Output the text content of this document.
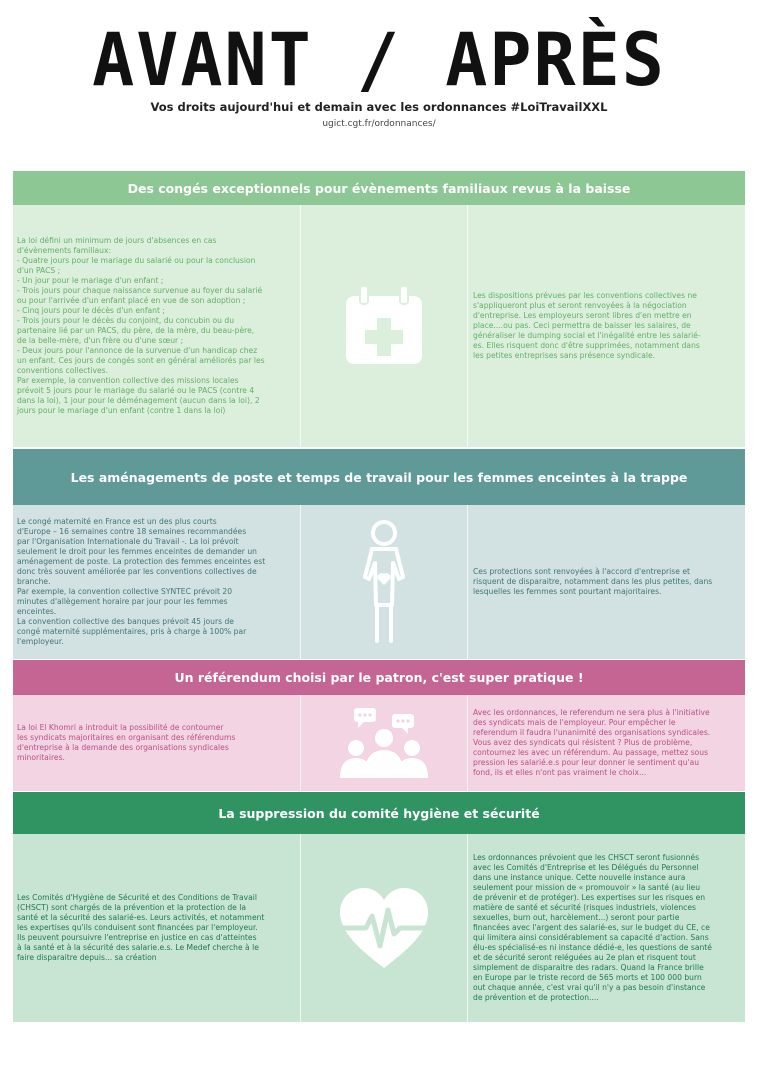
AVANT / APRÈS
Vos droits aujourd'hui et demain avec les ordonnances #LoiTravailXXL
ugict.cgt.fr/ordonnances/
Des congés exceptionnels pour évènements familiaux revus à la baisse

La loi défini un minimum de jours d'absences en cas
d'évènements familiaux:
- Quatre jours pour le mariage du salarié ou pour la conclusion
d'un PACS ;
- Un jour pour le mariage d'un enfant ;
- Trois jours pour chaque naissance survenue au foyer du salarié
ou pour l'arrivée d'un enfant placé en vue de son adoption ;
- Cinq jours pour le décès d'un enfant ;
- Trois jours pour le décès du conjoint, du concubin ou du
partenaire lié par un PACS, du père, de la mère, du beau-père,
de la belle-mère, d'un frère ou d'une sœur ;
- Deux jours pour l'annonce de la survenue d'un handicap chez
un enfant. Ces jours de congés sont en général améliorés par les
conventions collectives.
Par exemple, la convention collective des missions locales
prévoit 5 jours pour le mariage du salarié ou le PACS (contre 4
dans la loi), 1 jour pour le déménagement (aucun dans la loi), 2
jours pour le mariage d'un enfant (contre 1 dans la loi)

Les dispositions prévues par les conventions collectives ne
s'appliqueront plus et seront renvoyées à la négociation
d'entreprise. Les employeurs seront libres d'en mettre en
place....ou pas. Ceci permettra de baisser les salaires, de
généraliser le dumping social et l'inégalité entre les salarié-
es. Elles risquent donc d'être supprimées, notamment dans
les petites entreprises sans présence syndicale.

Les aménagements de poste et temps de travail pour les femmes enceintes à la trappe

Le congé maternité en France est un des plus courts
d'Europe – 16 semaines contre 18 semaines recommandées
par l'Organisation Internationale du Travail -. La loi prévoit
seulement le droit pour les femmes enceintes de demander un
aménagement de poste. La protection des femmes enceintes est
donc très souvent améliorée par les conventions collectives de
branche.
Par exemple, la convention collective SYNTEC prévoit 20
minutes d'allègement horaire par jour pour les femmes
enceintes.
La convention collective des banques prévoit 45 jours de
congé maternité supplémentaires, pris à charge à 100% par
l'employeur.

Ces protections sont renvoyées à l'accord d'entreprise et
risquent de disparaitre, notamment dans les plus petites, dans
lesquelles les femmes sont pourtant majoritaires.

Un référendum choisi par le patron, c'est super pratique !

La loi El Khomri a introduit la possibilité de contourner
les syndicats majoritaires en organisant des référendums
d'entreprise à la demande des organisations syndicales
minoritaires.

Avec les ordonnances, le referendum ne sera plus à l'initiative
des syndicats mais de l'employeur. Pour empêcher le
referendum il faudra l'unanimité des organisations syndicales.
Vous avez des syndicats qui résistent ? Plus de problème,
contournez les avec un référendum. Au passage, mettez sous
pression les salarié.e.s pour leur donner le sentiment qu'au
fond, ils et elles n'ont pas vraiment le choix...

La suppression du comité hygiène et sécurité

Les Comités d'Hygiène de Sécurité et des Conditions de Travail
(CHSCT) sont chargés de la prévention et la protection de la
santé et la sécurité des salarié-es. Leurs activités, et notamment
les expertises qu'ils conduisent sont financées par l'employeur.
Ils peuvent poursuivre l'entreprise en justice en cas d'atteintes
à la santé et à la sécurité des salarie.e.s. Le Medef cherche à le
faire disparaitre depuis... sa création

Les ordonnances prévoient que les CHSCT seront fusionnés
avec les Comités d'Entreprise et les Délégués du Personnel
dans une instance unique. Cette nouvelle instance aura
seulement pour mission de « promouvoir » la santé (au lieu
de prévenir et de protéger). Les expertises sur les risques en
matière de santé et sécurité (risques industriels, violences
sexuelles, burn out, harcèlement...) seront pour partie
financées avec l'argent des salarié-es, sur le budget du CE, ce
qui limitera ainsi considérablement sa capacité d'action. Sans
élu-es spécialisé-es ni instance dédié-e, les questions de santé
et de sécurité seront reléguées au 2e plan et risquent tout
simplement de disparaitre des radars. Quand la France brille
en Europe par le triste record de 565 morts et 100 000 burn
out chaque année, c'est vrai qu'il n'y a pas besoin d'instance
de prévention et de protection....
